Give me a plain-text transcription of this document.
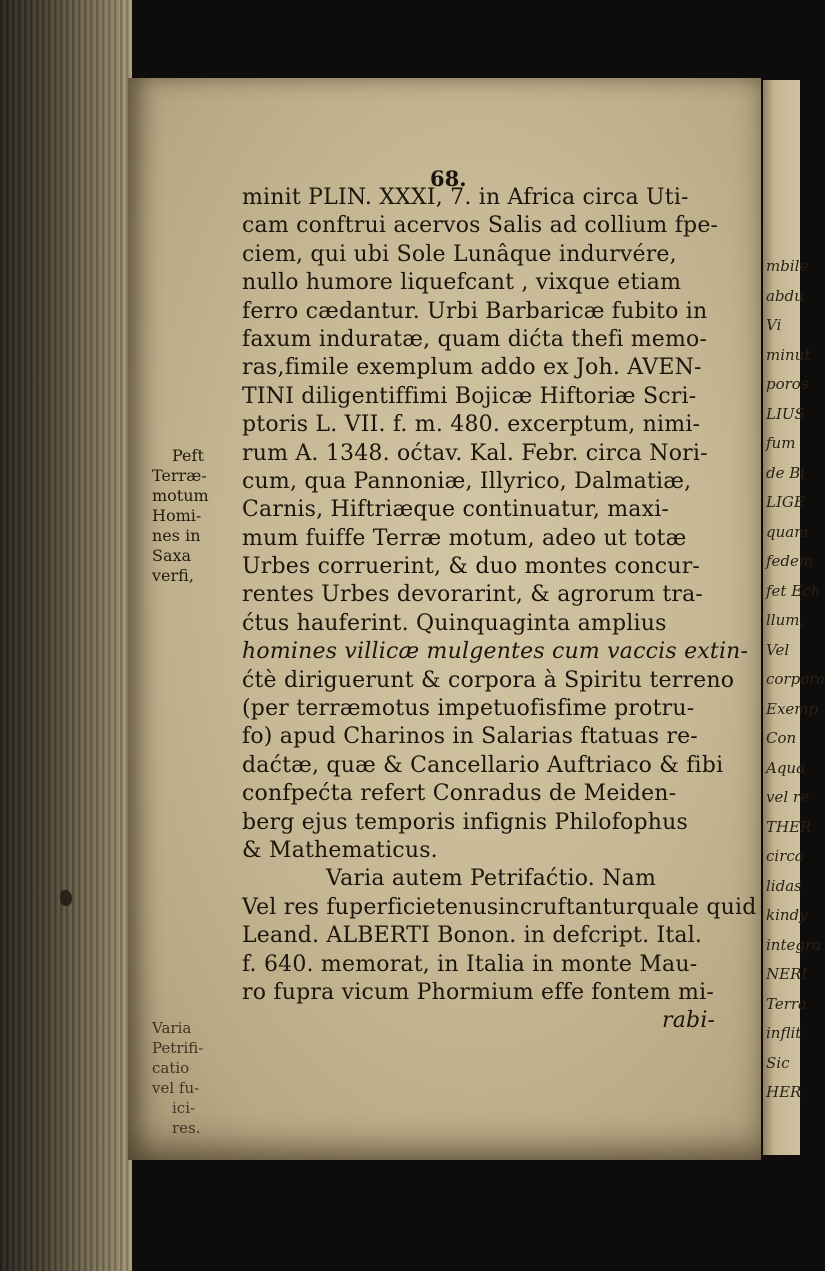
mbile
abdu
Vi
minut
poros
LIUS
fum
de Bi
LIGE
quam
fedem
fet Ech
llum,
Vel
corpora
Exemp
Con
Aqua
vel re
THER
circa
lidas
kindy
integra
NERI
Terra
inflit
Sic
HER

68.

minit PLIN. XXXI, 7. in Africa circa Uti-
cam conftrui acervos Salis ad collium fpe-
ciem, qui ubi Sole Lunâque indurvére,
nullo humore liquefcant , vixque etiam
ferro cædantur. Urbi Barbaricæ fubito in
faxum induratæ, quam dićta thefi memo-
ras,fimile exemplum addo ex Joh. AVEN-
TINI diligentiffimi Bojicæ Hiftoriæ Scri-
ptoris L. VII. f. m. 480. excerptum, nimi-
rum A. 1348. oćtav. Kal. Febr. circa Nori-
cum, qua Pannoniæ, Illyrico, Dalmatiæ,
Carnis, Hiftriæque continuatur, maxi-
mum fuiffe Terræ motum, adeo ut totæ
Urbes corruerint, & duo montes concur-
rentes Urbes devorarint, & agrorum tra-
ćtus hauferint. Quinquaginta amplius
homines villicæ mulgentes cum vaccis extin-
ćtè diriguerunt & corpora à Spiritu terreno
(per terræmotus impetuofisfime protru-
fo) apud Charinos in Salarias ftatuas re-
daćtæ, quæ & Cancellario Auftriaco & fibi
confpećta refert Conradus de Meiden-
berg ejus temporis infignis Philofophus
& Mathematicus.
Varia autem Petrifaćtio. Nam
Vel res fuperficietenusincruftanturquale quid
Leand. ALBERTI Bonon. in defcript. Ital.
f. 640. memorat, in Italia in monte Mau-
ro fupra vicum Phormium effe fontem mi-
rabi-
Peft
Terræ-
motum
Homi-
nes in
Saxa
verfi,
Varia
Petrifi-
catio
vel fu-
ici-
res.
